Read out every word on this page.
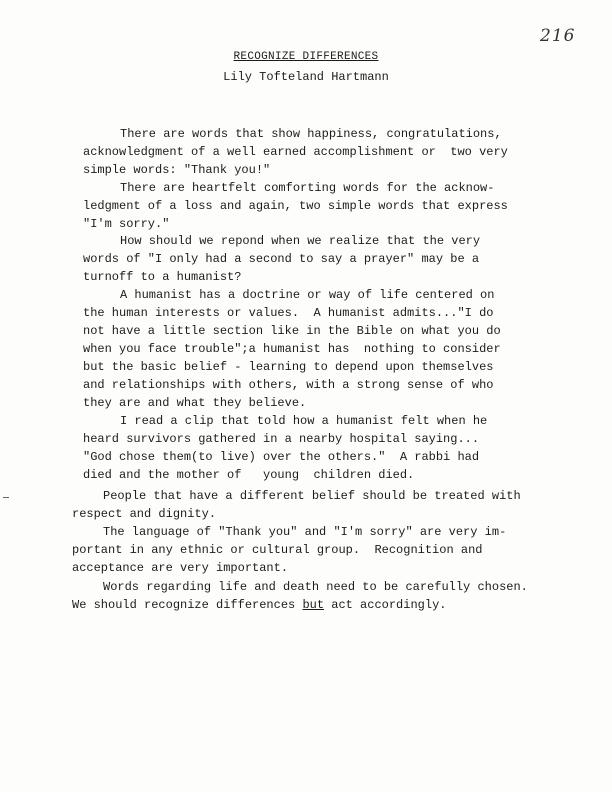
216
RECOGNIZE DIFFERENCES
Lily Tofteland Hartmann
There are words that show happiness, congratulations,
acknowledgment of a well earned accomplishment or  two very
simple words: "Thank you!"
There are heartfelt comforting words for the acknow-
ledgment of a loss and again, two simple words that express
"I'm sorry."
How should we repond when we realize that the very
words of "I only had a second to say a prayer" may be a
turnoff to a humanist?
A humanist has a doctrine or way of life centered on
the human interests or values.  A humanist admits..."I do
not have a little section like in the Bible on what you do
when you face trouble";a humanist has  nothing to consider
but the basic belief - learning to depend upon themselves
and relationships with others, with a strong sense of who
they are and what they believe.
I read a clip that told how a humanist felt when he
heard survivors gathered in a nearby hospital saying...
"God chose them(to live) over the others."  A rabbi had
died and the mother of   young  children died.
People that have a different belief should be treated with
respect and dignity.
The language of "Thank you" and "I'm sorry" are very im-
portant in any ethnic or cultural group.  Recognition and
acceptance are very important.
Words regarding life and death need to be carefully chosen.
We should recognize differences but act accordingly.
